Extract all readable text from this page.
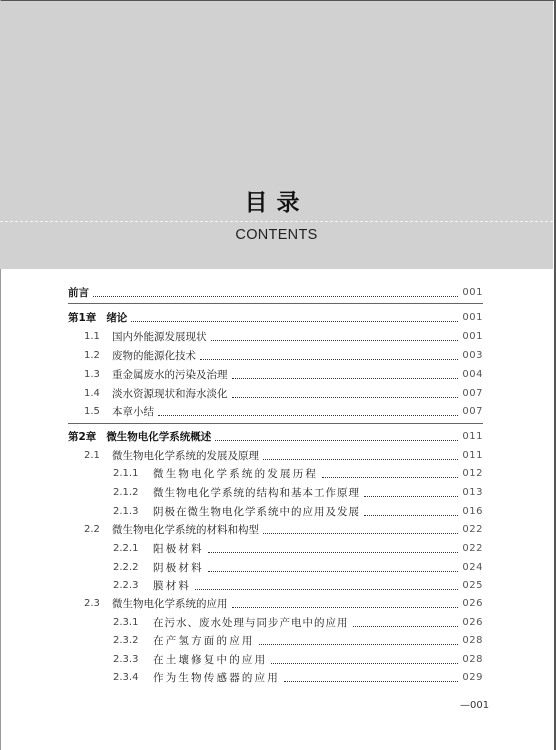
目录
CONTENTS
前言	001
第1章 绪论	001
1.1	国内外能源发展现状	001
1.2	废物的能源化技术	003
1.3	重金属废水的污染及治理	004
1.4	淡水资源现状和海水淡化	007
1.5	本章小结	007
第2章 微生物电化学系统概述	011
2.1	微生物电化学系统的发展及原理	011
2.1.1	微生物电化学系统的发展历程	012
2.1.2	微生物电化学系统的结构和基本工作原理	013
2.1.3	阴极在微生物电化学系统中的应用及发展	016
2.2	微生物电化学系统的材料和构型	022
2.2.1	阳极材料	022
2.2.2	阴极材料	024
2.2.3	膜材料	025
2.3	微生物电化学系统的应用	026
2.3.1	在污水、废水处理与同步产电中的应用	026
2.3.2	在产氢方面的应用	028
2.3.3	在土壤修复中的应用	028
2.3.4	作为生物传感器的应用	029
—001
